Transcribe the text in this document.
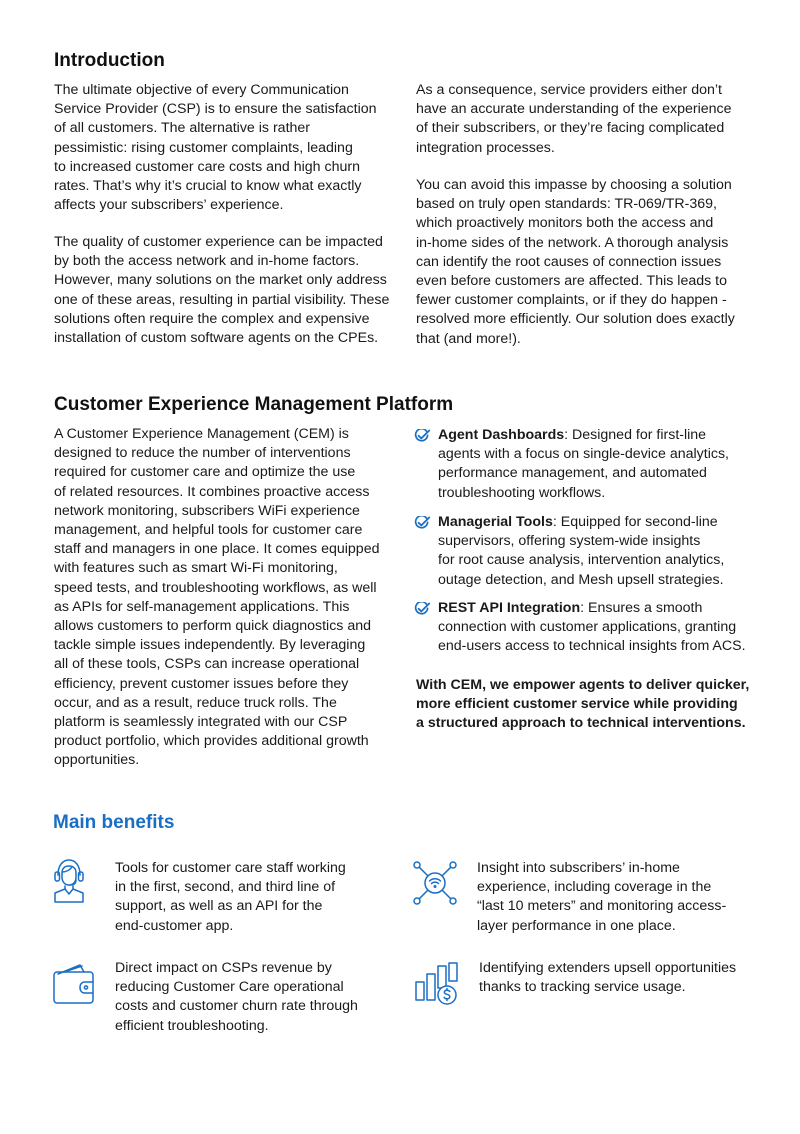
Introduction

The ultimate objective of every Communication
Service Provider (CSP) is to ensure the satisfaction
of all customers. The alternative is rather
pessimistic: rising customer complaints, leading
to increased customer care costs and high churn
rates. That’s why it’s crucial to know what exactly
affects your subscribers’ experience.

The quality of customer experience can be impacted
by both the access network and in-home factors.
However, many solutions on the market only address
one of these areas, resulting in partial visibility. These
solutions often require the complex and expensive
installation of custom software agents on the CPEs.

As a consequence, service providers either don’t
have an accurate understanding of the experience
of their subscribers, or they’re facing complicated
integration processes.

You can avoid this impasse by choosing a solution
based on truly open standards: TR-069/TR-369,
which proactively monitors both the access and
in-home sides of the network. A thorough analysis
can identify the root causes of connection issues
even before customers are affected. This leads to
fewer customer complaints, or if they do happen -
resolved more efficiently. Our solution does exactly
that (and more!).

Customer Experience Management Platform

A Customer Experience Management (CEM) is
designed to reduce the number of interventions
required for customer care and optimize the use
of related resources. It combines proactive access
network monitoring, subscribers WiFi experience
management, and helpful tools for customer care
staff and managers in one place. It comes equipped
with features such as smart Wi-Fi monitoring,
speed tests, and troubleshooting workflows, as well
as APIs for self-management applications. This
allows customers to perform quick diagnostics and
tackle simple issues independently. By leveraging
all of these tools, CSPs can increase operational
efficiency, prevent customer issues before they
occur, and as a result, reduce truck rolls. The
platform is seamlessly integrated with our CSP
product portfolio, which provides additional growth
opportunities.

Agent Dashboards: Designed for first-line
agents with a focus on single-device analytics,
performance management, and automated
troubleshooting workflows.

Managerial Tools: Equipped for second-line
supervisors, offering system-wide insights
for root cause analysis, intervention analytics,
outage detection, and Mesh upsell strategies.

REST API Integration: Ensures a smooth
connection with customer applications, granting
end-users access to technical insights from ACS.

With CEM, we empower agents to deliver quicker,
more efficient customer service while providing
a structured approach to technical interventions.

Main benefits

Tools for customer care staff working
in the first, second, and third line of
support, as well as an API for the
end-customer app.

Insight into subscribers’ in-home
experience, including coverage in the
“last 10 meters” and monitoring access-
layer performance in one place.

Direct impact on CSPs revenue by
reducing Customer Care operational
costs and customer churn rate through
efficient troubleshooting.

Identifying extenders upsell opportunities
thanks to tracking service usage.
